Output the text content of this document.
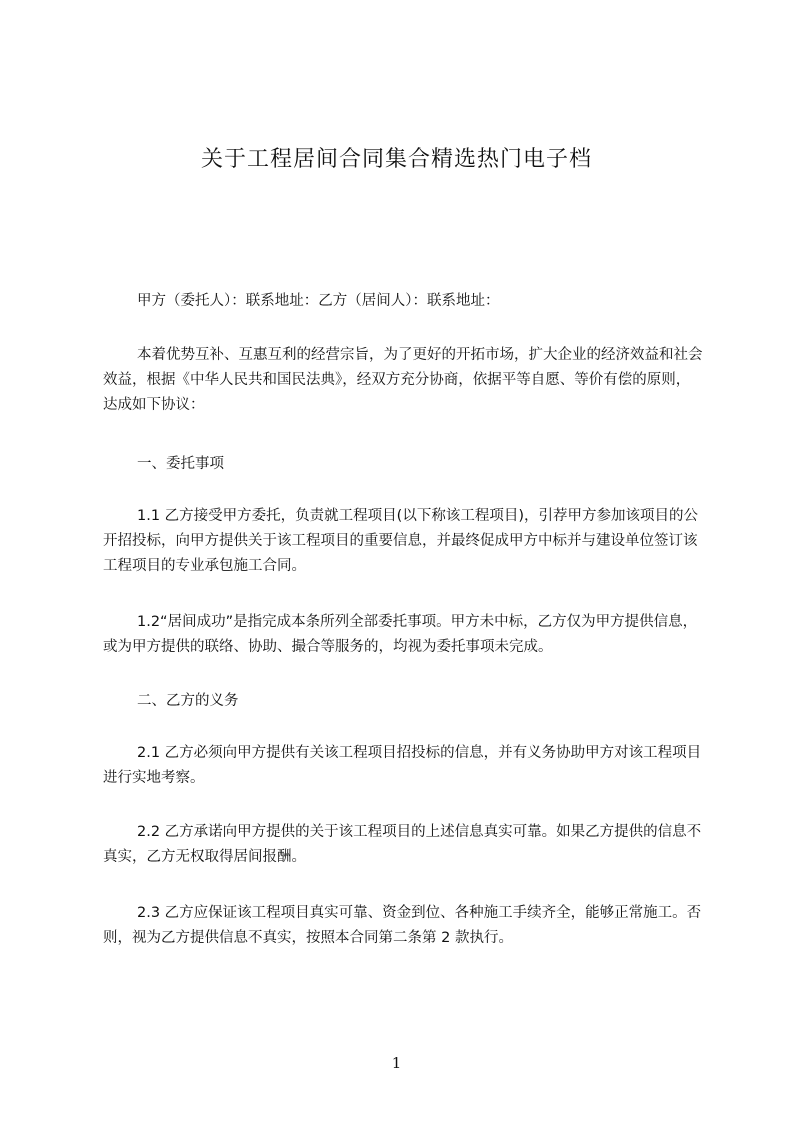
关于工程居间合同集合精选热门电子档

甲方（委托人）：联系地址：乙方（居间人）：联系地址：

本着优势互补、互惠互利的经营宗旨，为了更好的开拓市场，扩大企业的经济效益和社会效益，根据《中华人民共和国民法典》，经双方充分协商，依据平等自愿、等价有偿的原则，达成如下协议：

一、委托事项

1.1 乙方接受甲方委托，负责就工程项目(以下称该工程项目)，引荐甲方参加该项目的公开招投标，向甲方提供关于该工程项目的重要信息，并最终促成甲方中标并与建设单位签订该工程项目的专业承包施工合同。

1.2“居间成功”是指完成本条所列全部委托事项。甲方未中标，乙方仅为甲方提供信息，或为甲方提供的联络、协助、撮合等服务的，均视为委托事项未完成。

二、乙方的义务

2.1 乙方必须向甲方提供有关该工程项目招投标的信息，并有义务协助甲方对该工程项目进行实地考察。

2.2 乙方承诺向甲方提供的关于该工程项目的上述信息真实可靠。如果乙方提供的信息不真实，乙方无权取得居间报酬。

2.3 乙方应保证该工程项目真实可靠、资金到位、各种施工手续齐全，能够正常施工。否则，视为乙方提供信息不真实，按照本合同第二条第 2 款执行。

1
